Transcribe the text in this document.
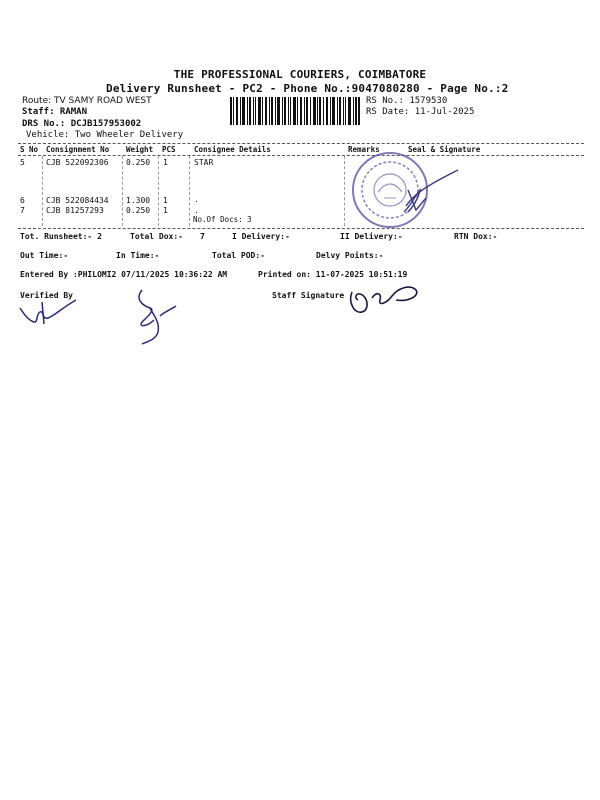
THE PROFESSIONAL COURIERS, COIMBATORE
Delivery Runsheet - PC2 - Phone No.:9047080280 - Page No.:2
Route: TV SAMY ROAD WEST
Staff: RAMAN
DRS No.: DCJB157953002
Vehicle: Two Wheeler Delivery
RS No.: 1579530
RS Date: 11-Jul-2025
S No Consignment No Weight PCS Consignee Details	Remarks	Seal & Signature
5	CJB 522092306 0.250 1	STAR
6	CJB 522084434 1.300 1	.
7	CJB 81257293	0.250 1	.
No.Of Docs: 3
Tot. Runsheet:- 2	Total Dox:- 7	I Delivery:-	II Delivery:-	RTN Dox:-
Out Time:-	In Time:-	Total POD:-	Delvy Points:-
Entered By :PHILOMI2 07/11/2025 10:36:22 AM	Printed on: 11-07-2025 10:51:19
Verified By	Staff Signature
